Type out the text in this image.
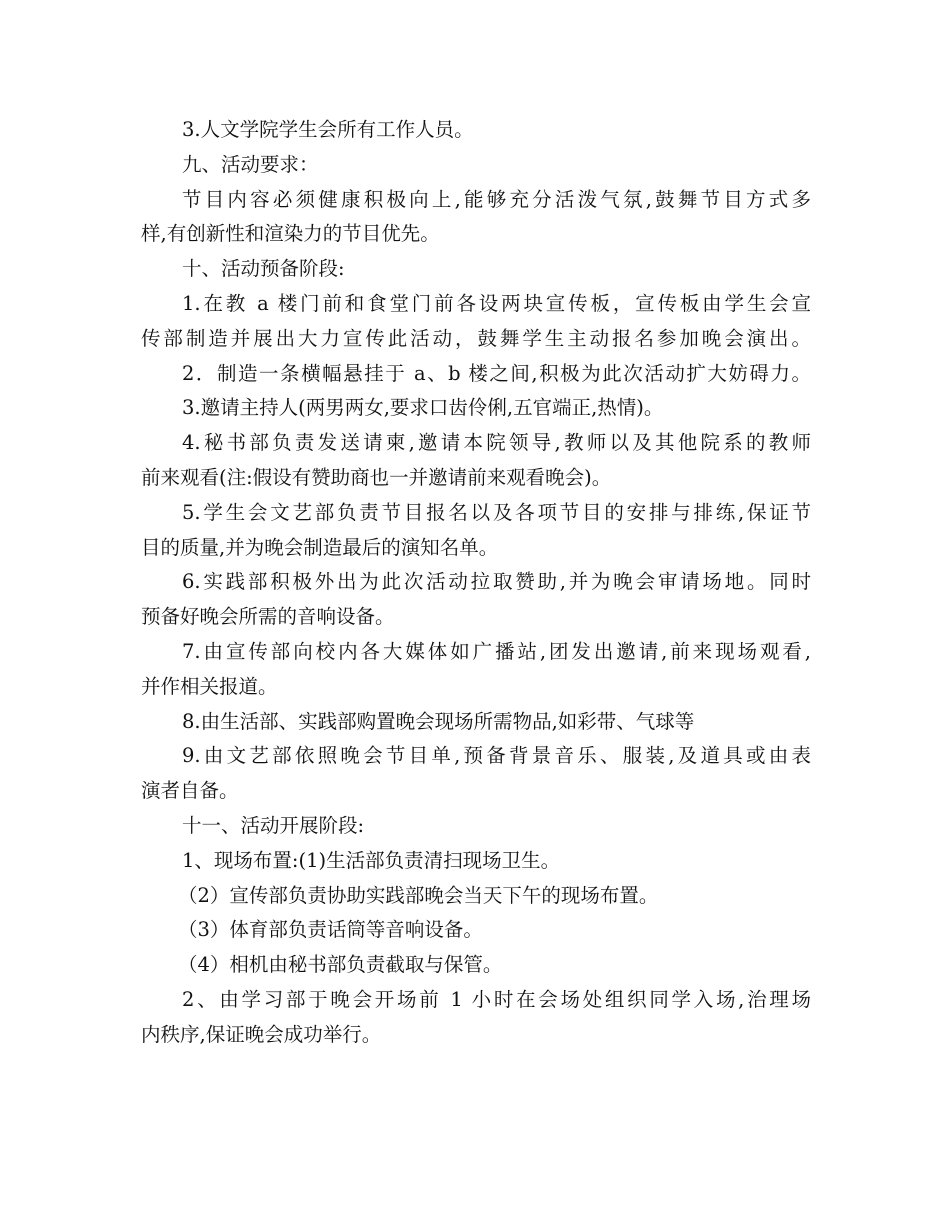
3.人文学院学生会所有工作人员。
九、活动要求：
节目内容必须健康积极向上,能够充分活泼气氛,鼓舞节目方式多
样,有创新性和渲染力的节目优先。
十、活动预备阶段:
1.在教 a 楼门前和食堂门前各设两块宣传板，宣传板由学生会宣
传部制造并展出大力宣传此活动，鼓舞学生主动报名参加晚会演出。
2．制造一条横幅悬挂于 a、b 楼之间,积极为此次活动扩大妨碍力。
3.邀请主持人(两男两女,要求口齿伶俐,五官端正,热情)。
4.秘书部负责发送请柬,邀请本院领导,教师以及其他院系的教师
前来观看(注:假设有赞助商也一并邀请前来观看晚会)。
5.学生会文艺部负责节目报名以及各项节目的安排与排练,保证节
目的质量,并为晚会制造最后的演知名单。
6.实践部积极外出为此次活动拉取赞助,并为晚会审请场地。同时
预备好晚会所需的音响设备。
7.由宣传部向校内各大媒体如广播站,团发出邀请,前来现场观看,
并作相关报道。
8.由生活部、实践部购置晚会现场所需物品,如彩带、气球等
9.由文艺部依照晚会节目单,预备背景音乐、服装,及道具或由表
演者自备。
十一、活动开展阶段:
1、现场布置:(1)生活部负责清扫现场卫生。
（2）宣传部负责协助实践部晚会当天下午的现场布置。
（3）体育部负责话筒等音响设备。
（4）相机由秘书部负责截取与保管。
2、由学习部于晚会开场前 1 小时在会场处组织同学入场,治理场
内秩序,保证晚会成功举行。
